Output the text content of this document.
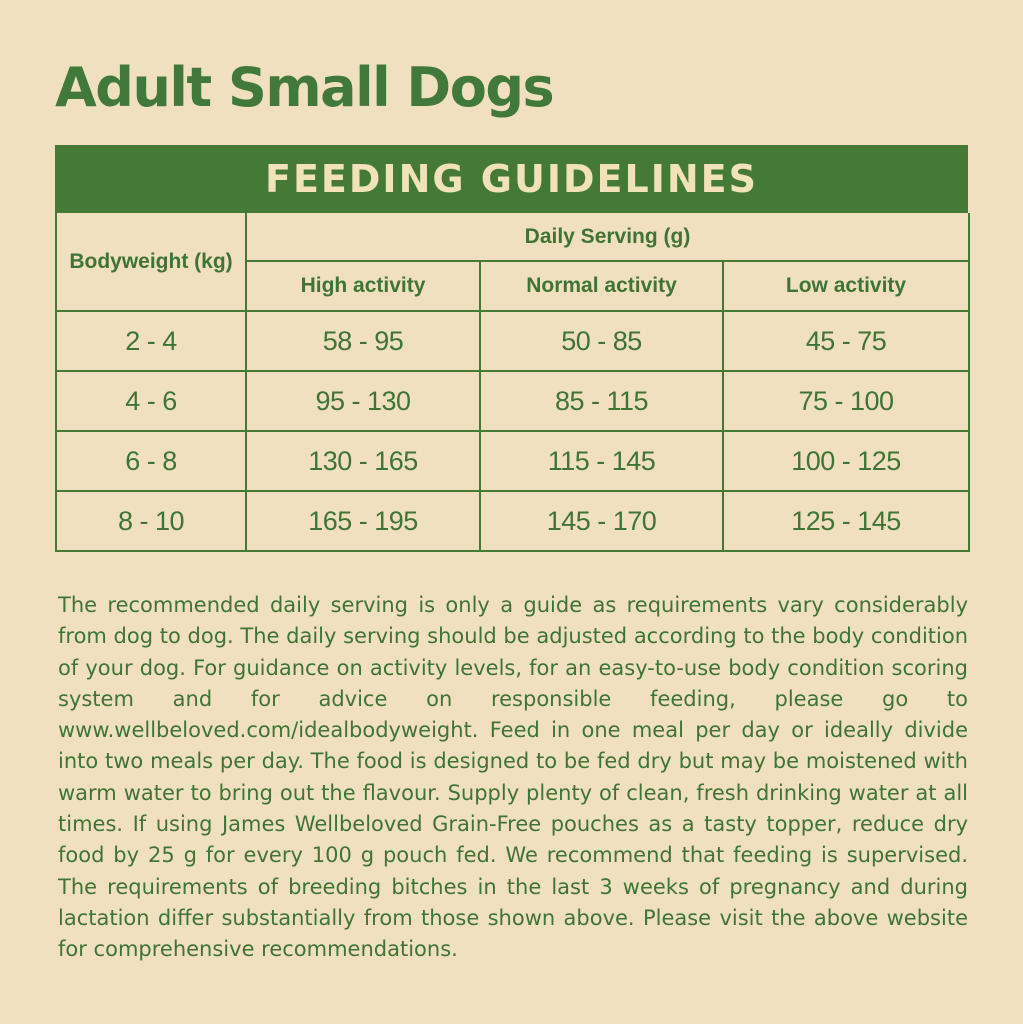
Adult Small Dogs
FEEDING GUIDELINES
Bodyweight (kg)	Daily Serving (g)		
	High activity	Normal activity	Low activity
2 - 4	58 - 95	50 - 85	45 - 75
4 - 6	95 - 130	85 - 115	75 - 100
6 - 8	130 - 165	115 - 145	100 - 125
8 - 10	165 - 195	145 - 170	125 - 145

The recommended daily serving is only a guide as requirements vary considerably from dog to dog. The daily serving should be adjusted according to the body condition of your dog. For guidance on activity levels, for an easy-to-use body condition scoring system and for advice on responsible feeding, please go to www.wellbeloved.com/idealbodyweight. Feed in one meal per day or ideally divide into two meals per day. The food is designed to be fed dry but may be moistened with warm water to bring out the flavour. Supply plenty of clean, fresh drinking water at all times. If using James Wellbeloved Grain-Free pouches as a tasty topper, reduce dry food by 25 g for every 100 g pouch fed. We recommend that feeding is supervised. The requirements of breeding bitches in the last 3 weeks of pregnancy and during lactation differ substantially from those shown above. Please visit the above website for comprehensive recommendations.
